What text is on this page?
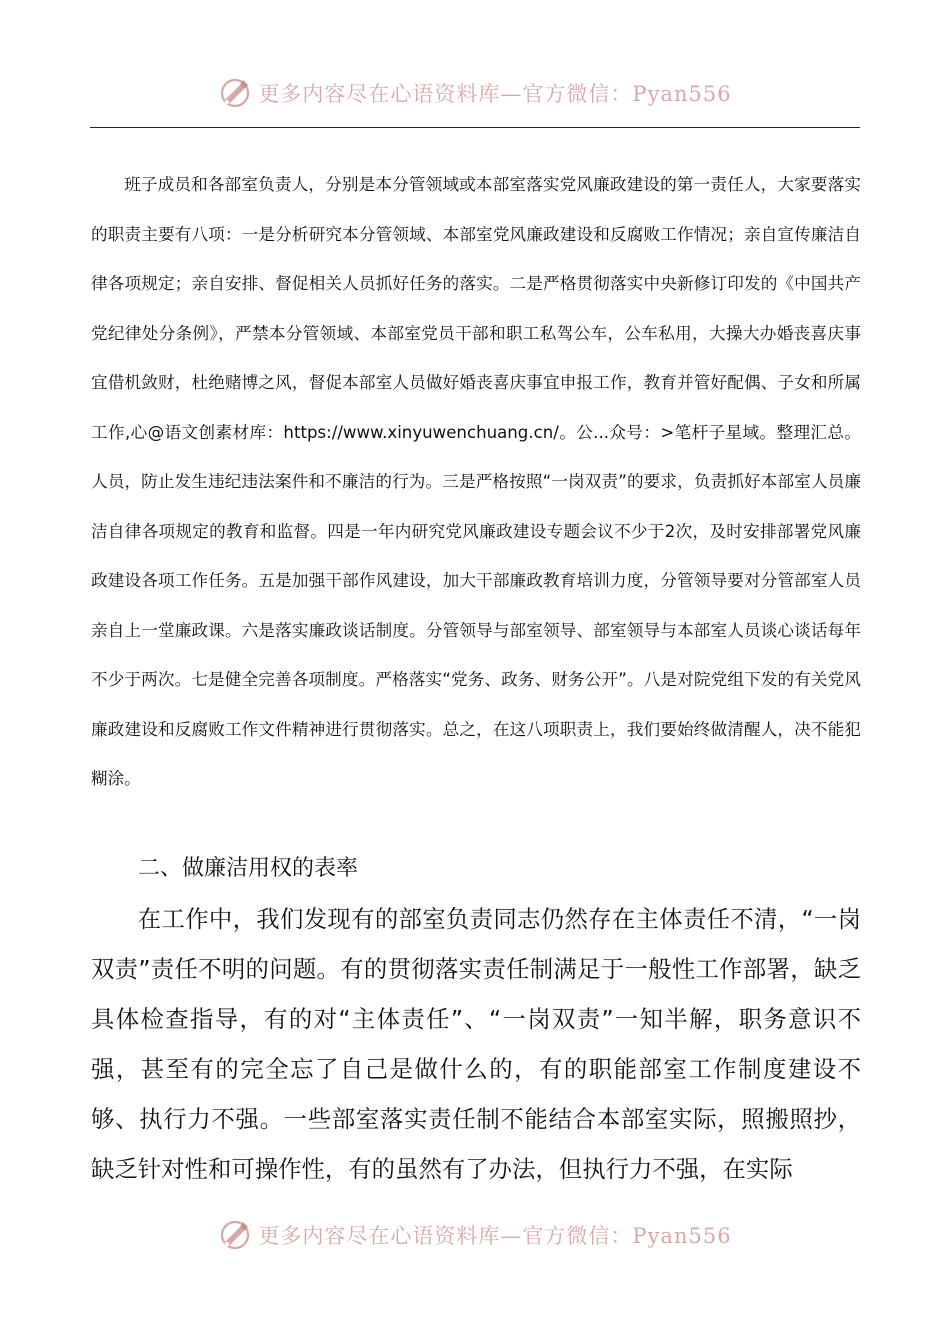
更多内容尽在心语资料库—官方微信：Pyan556

班子成员和各部室负责人，分别是本分管领域或本部室落实党风廉政建设的第一责任人，大家要落实的职责主要有八项：一是分析研究本分管领域、本部室党风廉政建设和反腐败工作情况；亲自宣传廉洁自律各项规定；亲自安排、督促相关人员抓好任务的落实。二是严格贯彻落实中央新修订印发的《中国共产党纪律处分条例》，严禁本分管领域、本部室党员干部和职工私驾公车，公车私用，大操大办婚丧喜庆事宜借机敛财，杜绝赌博之风，督促本部室人员做好婚丧喜庆事宜申报工作，教育并管好配偶、子女和所属工作,心@语文创素材库：https://www.xinyuwenchuang.cn/。公...众号：>笔杆子星域。整理汇总。人员，防止发生违纪违法案件和不廉洁的行为。三是严格按照“一岗双责”的要求，负责抓好本部室人员廉洁自律各项规定的教育和监督。四是一年内研究党风廉政建设专题会议不少于2次，及时安排部署党风廉政建设各项工作任务。五是加强干部作风建设，加大干部廉政教育培训力度，分管领导要对分管部室人员亲自上一堂廉政课。六是落实廉政谈话制度。分管领导与部室领导、部室领导与本部室人员谈心谈话每年不少于两次。七是健全完善各项制度。严格落实“党务、政务、财务公开”。八是对院党组下发的有关党风廉政建设和反腐败工作文件精神进行贯彻落实。总之，在这八项职责上，我们要始终做清醒人，决不能犯糊涂。

二、做廉洁用权的表率

在工作中，我们发现有的部室负责同志仍然存在主体责任不清，“一岗双责”责任不明的问题。有的贯彻落实责任制满足于一般性工作部署，缺乏具体检查指导，有的对“主体责任”、“一岗双责”一知半解，职务意识不强，甚至有的完全忘了自己是做什么的，有的职能部室工作制度建设不够、执行力不强。一些部室落实责任制不能结合本部室实际，照搬照抄，缺乏针对性和可操作性，有的虽然有了办法，但执行力不强，在实际

更多内容尽在心语资料库—官方微信：Pyan556
